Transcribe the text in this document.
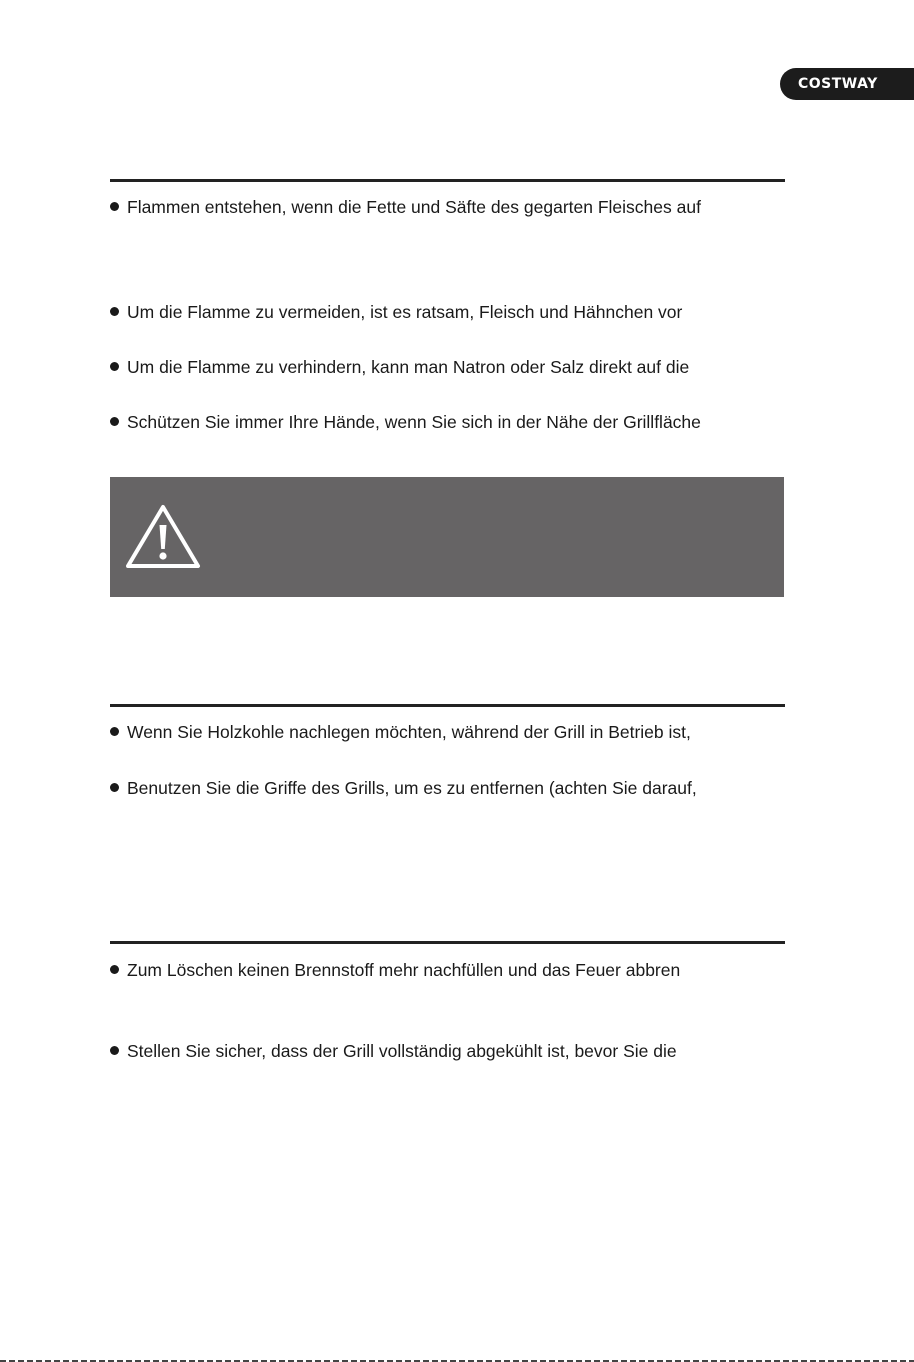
COSTWAY
Flammen entstehen, wenn die Fette und Säfte des gegarten Fleisches auf
Um die Flamme zu vermeiden, ist es ratsam, Fleisch und Hähnchen vor
Um die Flamme zu verhindern, kann man Natron oder Salz direkt auf die
Schützen Sie immer Ihre Hände, wenn Sie sich in der Nähe der Grillfläche
Wenn Sie Holzkohle nachlegen möchten, während der Grill in Betrieb ist,
Benutzen Sie die Griffe des Grills, um es zu entfernen (achten Sie darauf,
Zum Löschen keinen Brennstoff mehr nachfüllen und das Feuer abbren
Stellen Sie sicher, dass der Grill vollständig abgekühlt ist, bevor Sie die
